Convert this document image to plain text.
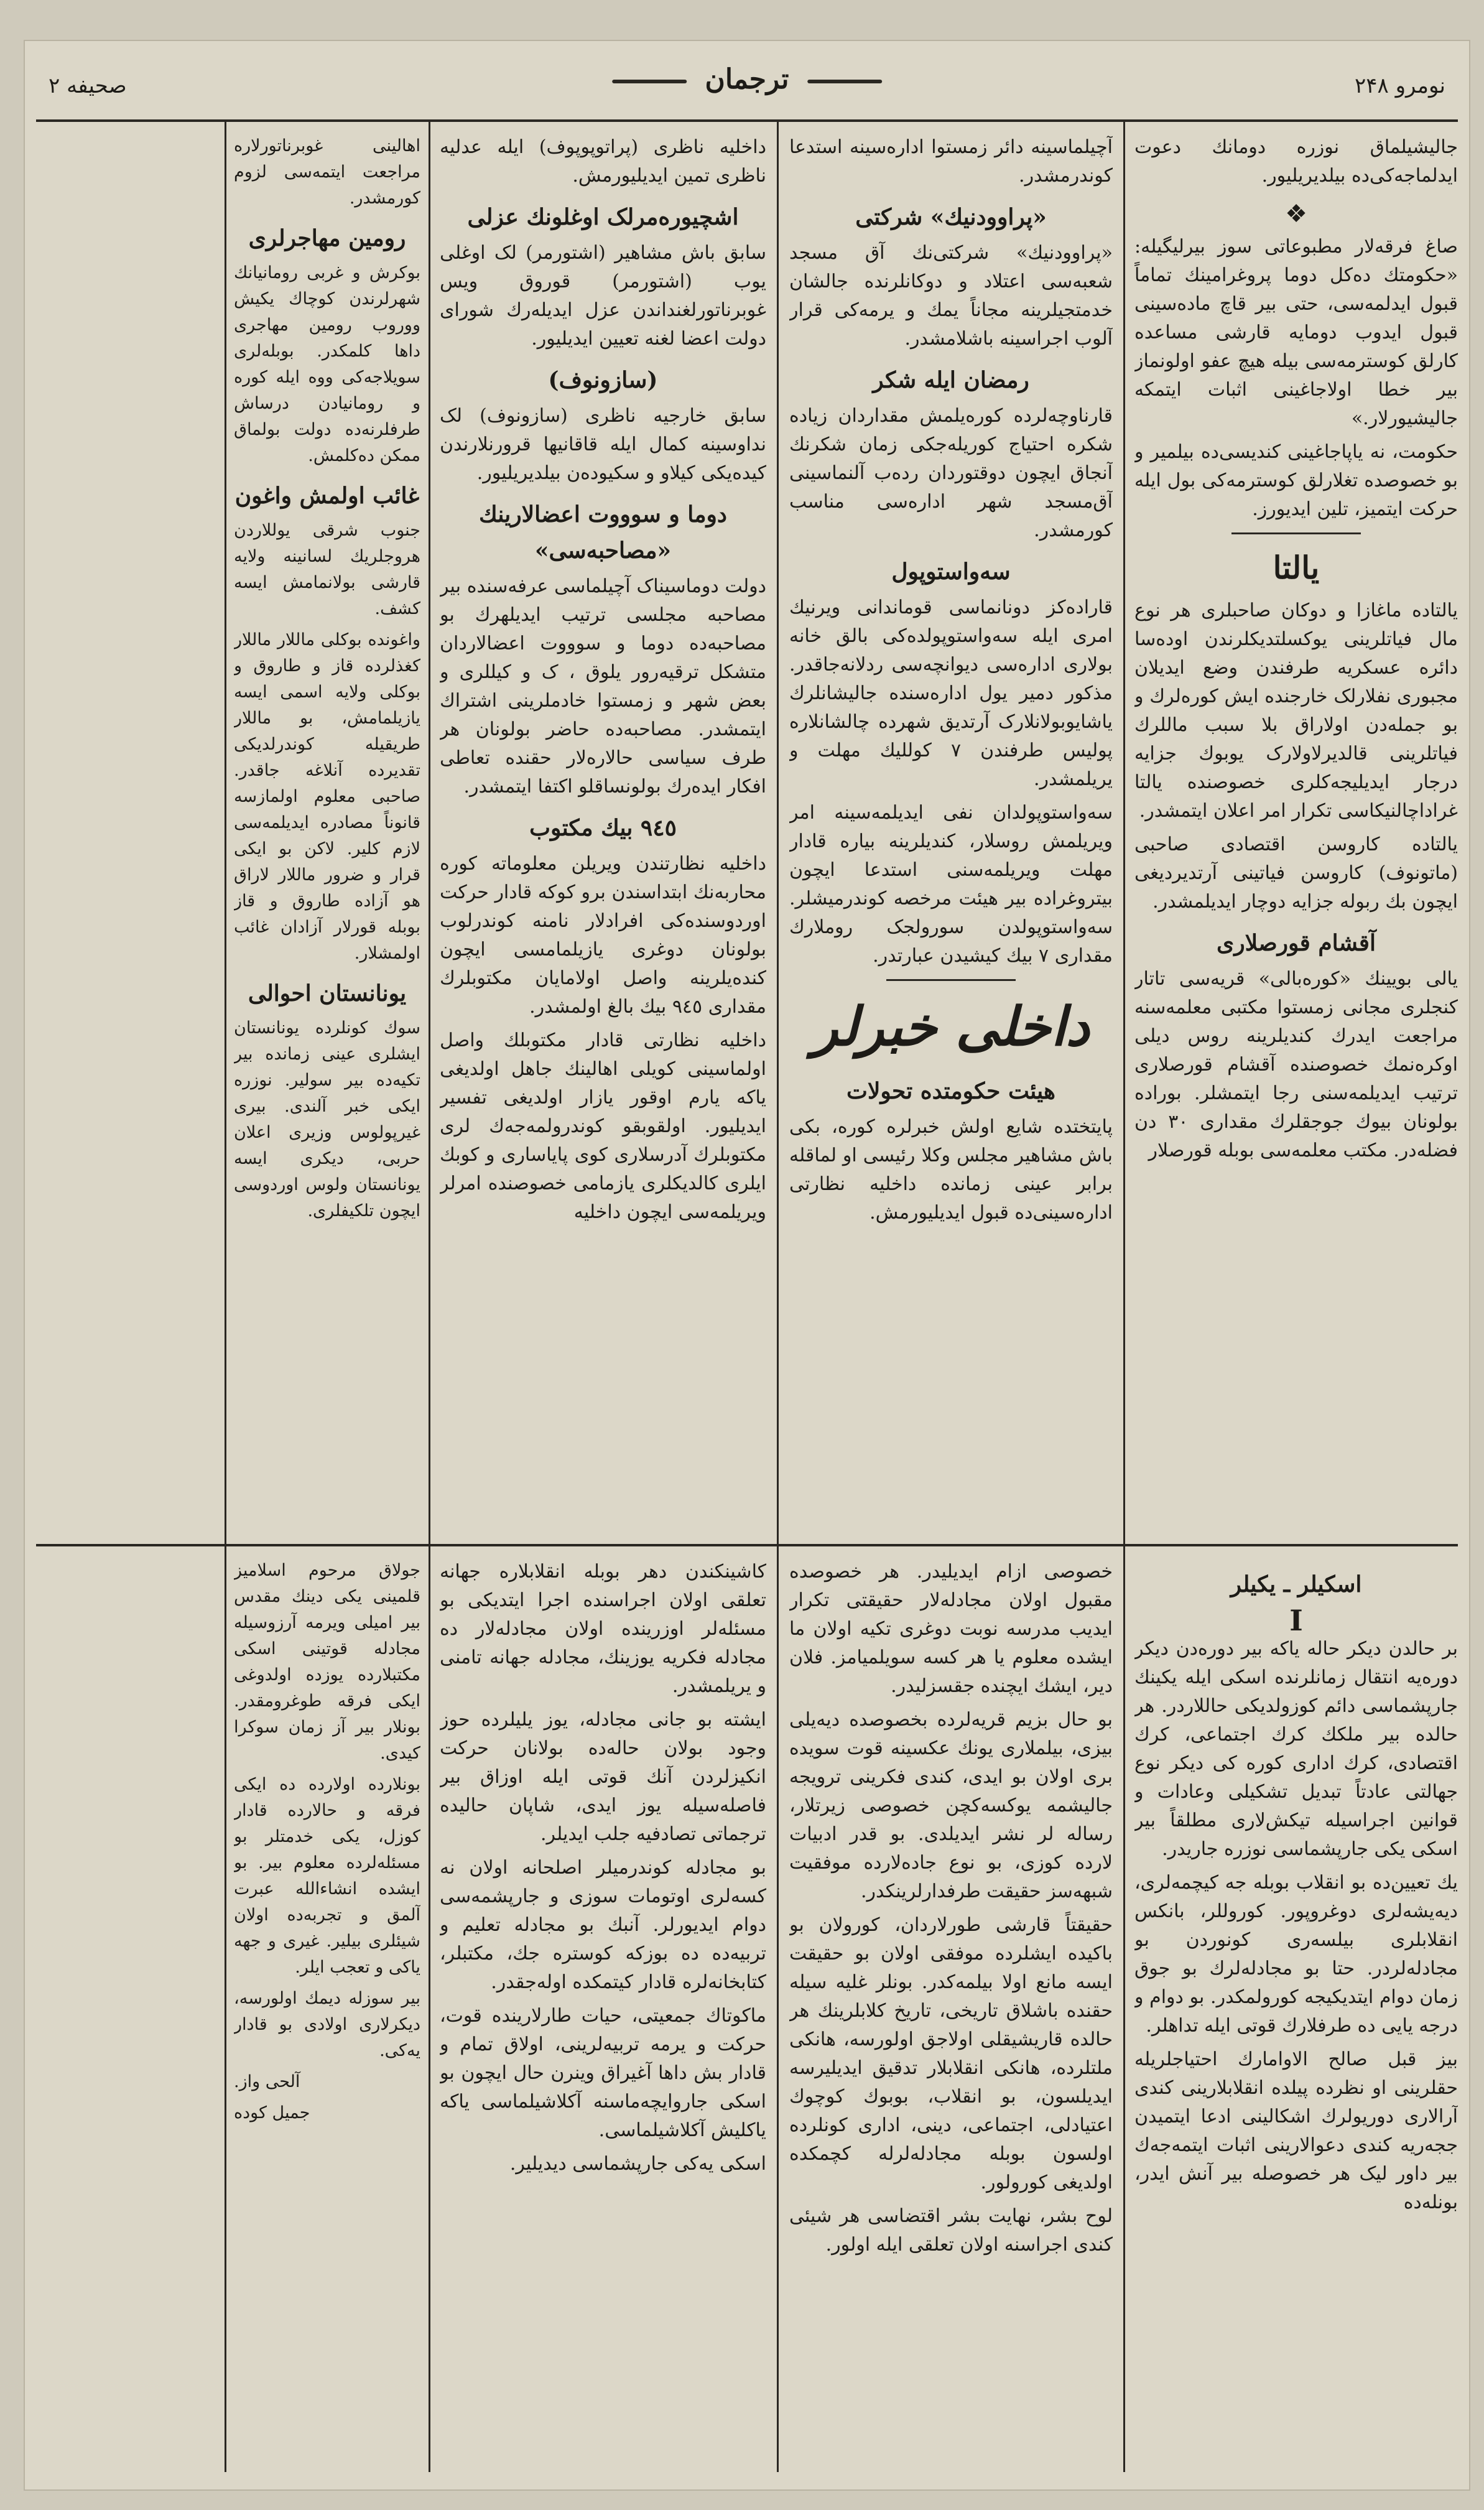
نومرو ۲۴۸
ترجمان
صحیفه ۲

جالیشیلماق نوزره دومانك دعوت ایدلماجه‌کی‌ده بیلدیریلیور.

❖

صاغ فرقه‌لار مطبوعاتی سوز بیرلیگیله: «حکومتك ده‌کل دوما پروغرامینك تماماً قبول ایدلمه‌سی، حتی بیر قاچ ماده‌سینی قبول ایدوب دومایه قارشی مساعده کارلق کوسترمه‌سی بیله هیچ عفو اولونماز بیر خطا اولاجاغینی اثبات ایتمکه جالیشیورلار.»

حکومت، نه یاپاجاغینی کندیسی‌ده بیلمیر و بو خصوصده تغلارلق کوسترمه‌کی بول ایله حرکت ایتمیز، تلین ایدیورز.

یالتا

یالتاده ماغازا و دوکان صاحبلری هر نوع مال فیاتلرینی یوکسلتدیکلرندن اوده‌سا دائره عسکریه طرفندن وضع ایدیلان مجبوری نفلارلک خارجنده ایش کوره‌لرك و بو جمله‌دن اولاراق بلا سبب ماللرك فیاتلرینی قالدیرلاولارک یوبوك جزایه درجار ایدیلیجه‌کلری خصوصنده یالتا غراداچالنیکاسی تکرار امر اعلان ایتمشدر.

یالتاده کاروسن اقتصادی صاحبی (ماتونوف) کاروسن فیاتینی آرتدیردیغی ایچون بك ربوله جزایه دوچار ایدیلمشدر.

آقشام قورصلاری

یالی بویینك «کوره‌بالی» قریه‌سی تاتار کنجلری مجانی زمستوا مکتبی معلمه‌سنه مراجعت ایدرك کندیلرینه روس دیلی اوکره‌نمك خصوصنده آقشام قورصلاری ترتیب ایدیلمه‌سنی رجا ایتمشلر. بوراده بولونان بیوك جوجقلرك مقداری ۳۰ دن فضله‌در. مکتب معلمه‌سی بوبله قورصلار

آچیلماسینه دائر زمستوا اداره‌سینه استدعا کوندرمشدر.

«پراوودنیك» شرکتی

«پراوودنیك» شرکتی‌نك آق مسجد شعبه‌سی اعتلاد و دوکانلرنده جالشان خدمتجیلرینه مجاناً یمك و یرمه‌کی قرار آلوب اجراسینه باشلامشدر.

رمضان ایله شکر

قارناوچه‌لرده کوره‌یلمش مقداردان زیاده شکره احتیاج کوریله‌جکی زمان شکرنك آنجاق ایچون دوقتوردان رده‌ب آلنماسینی آق‌مسجد شهر اداره‌سی مناسب کورمشدر.

سه‌واستوپول

قاراده‌کز دونانماسی قوماندانی ویرنیك امری ایله سه‌واستوپولده‌کی بالق خانه بولاری اداره‌سی دیوانچه‌سی ردلانه‌جاقدر. مذکور دمیر یول اداره‌سنده جالیشانلرك یاشایوبولانلارک آرتدیق شهرده چالشانلاره پولیس طرفندن ۷ کوللیك مهلت و یریلمشدر.

سه‌واستوپولدان نفی ایدیلمه‌سینه امر ویریلمش روسلار، کندیلرینه بیاره قادار مهلت ویریلمه‌سنی استدعا ایچون بیتروغراده بیر هیئت مرخصه کوندرمیشلر. سه‌واستوپولدن سورولجک روملارك مقداری ۷ بیك کیشیدن عبارتدر.

داخلی خبرلر
هیئت حکومتده تحولات

پایتختده شایع اولش خبرلره کوره، بکی باش مشاهیر مجلس وکلا رئیسی او لماقله برابر عینی زمانده داخلیه نظارتی اداره‌سینی‌ده قبول ایدیلیورمش.

داخلیه ناظری (پراتوپوپوف) ایله عدلیه ناظری تمین ایدیلیورمش.

اشچیوره‌مرلک اوغلونك عزلی

سابق باش مشاهیر (اشتورمر) لک اوغلی یوب (اشتورمر) قوروق ویس غوبرناتورلغنداندن عزل ایدیله‌رك شورای دولت اعضا لغنه تعیین ایدیلیور.

(سازونوف)

سابق خارجیه ناظری (سازونوف) لک نداوسینه کمال ایله قاقانیها قرورنلارندن کیده‌یکی کیلاو و سکیوده‌ن بیلدیریلیور.

دوما و سوووت اعضالارینك «مصاحبه‌سی»

دولت دوماسیناک آچیلماسی عرفه‌سنده بیر مصاحبه مجلسی ترتیب ایدیلهرك بو مصاحبه‌ده دوما و سوووت اعضالاردان متشکل ترقیه‌رور یلوق ، ک و کیللری و بعض شهر و زمستوا خادملرینی اشتراك ایتمشدر. مصاحبه‌ده حاضر بولونان هر طرف سیاسی حالاره‌لار حقنده تعاطی افکار ایده‌رك بولونساقلو اکتفا ایتمشدر.

۹٤٥ بیك مکتوب

داخلیه نظارتندن ویریلن معلوماته کوره محاربه‌نك ابتداسندن برو کوکه قادار حرکت اوردوسنده‌کی افرادلار نامنه کوندرلوب بولونان دوغری یازیلمامسی ایچون کنده‌یلرینه واصل اولامایان مکتوبلرك مقداری ۹٤٥ بیك بالغ اولمشدر.

داخلیه نظارتی قادار مکتوبلك واصل اولماسینی کویلی اهالینك جاهل اولدیغی یاکه یارم اوقور یازار اولدیغی تفسیر ایدیلیور. اولقوبقو کوندرولمه‌جه‌ك لری مکتوبلرك آدرسلاری کوی پایاساری و کوبك ایلری کالدیکلری یازمامی خصوصنده امرلر ویریلمه‌سی ایچون داخلیه

اهالینی غوبرناتورلاره مراجعت ایتمه‌سی لزوم کورمشدر.

رومین مهاجرلری

بوکرش و غربی رومانیانك شهرلرندن کوچاك یکیش ووروب رومین مهاجری داها کلمکدر. بوبله‌لری سویلاجه‌کی ووه ایله کوره و رومانیادن درساش طرفلرنه‌ده دولت بولماق ممکن ده‌کلمش.

غائب اولمش واغون

جنوب شرقی یوللاردن هروجلریك لسانینه ولایه قارشی بولانمامش ایسه کشف.

واغونده بوکلی ماللار ماللار کغذلرده قاز و طاروق و بوکلی ولایه اسمی ایسه یازیلمامش، بو ماللار طریقیله کوندرلدیکی تقدیرده آنلاغه جاقدر. صاحبی معلوم اولمازسه قانوناً مصادره ایدیلمه‌سی لازم کلیر. لاکن بو ایکی قرار و ضرور ماللار لاراق هو آزاده طاروق و قاز بوبله قورلار آزادان غائب اولمشلار.

یونانستان احوالی

سوك کونلرده یونانستان ایشلری عینی زمانده بیر تکیه‌ده بیر سولیر. نوزره ایکی خبر آلندی. بیری غیرپولوس وزیری اعلان حربی، دیکری ایسه یونانستان ولوس اوردوسی ایچون تلکیفلری.

اسکیلر ـ یکیلر
I

بر حالدن دیکر حاله یاکه بیر دوره‌دن دیکر دوره‌یه انتقال زمانلرنده اسکی ایله یکینك جارپشماسی دائم کوزولدیکی حاللاردر. هر حالده بیر ملکك کرك اجتماعی، کرك اقتصادی، کرك اداری کوره کی دیکر نوع جهالتی عادتاً تبدیل تشکیلی وعادات و قوانین اجراسیله تیکش‌لاری مطلقاً بیر اسکی یکی جارپشماسی نوزره جاریدر.

یك تعیین‌ده بو انقلاب بوبله جه کیچمه‌لری، دیه‌یشه‌لری دوغروپور. کوروللر، بانکس انقلابلری بیلسه‌ری کونوردن بو مجادله‌لردر. حتا بو مجادله‌لرك بو جوق زمان دوام ایتدیکیجه کورولمکدر. بو دوام و درجه یایی ده طرفلارك قوتی ایله تداهلر.

بیز قبل صالح الاوامارك احتیاجلریله حقلرینی او نظرده پیلده انقلابلارینی کندی آرالاری دوریولرك اشکالینی ادعا ایتمیدن ججه‌ریه کندی دعوالارینی اثبات ایتمه‌جه‌ك بیر داور لیک هر خصوصله بیر آنش ایدر، بونله‌ده

خصوصی ازام ایدیلیدر. هر خصوصده مقبول اولان مجادله‌لار حقیقتی تکرار ایدیب مدرسه نوبت دوغری تكیه اولان ما ایشده معلوم یا هر کسه سویلمیامز. فلان دیر، ایشك ایچنده جقسزلیدر.

بو حال بزیم قریه‌لرده بخصوصده دیه‌یلی بیزی، بیلملاری یونك عکسینه قوت سویده بری اولان بو ایدی، کندی فکرینی ترویجه جالیشمه یوکسه‌کچن خصوصی زیرتلار، رساله لر نشر ایدیلدی. بو قدر ادبیات لارده کوزی، بو نوع جاده‌لارده موفقیت شبهه‌سز حقیقت طرفدارلرینکدر.

حقیقتاً قارشی طورلاردان، کورولان بو باکیده ایشلرده موفقی اولان بو حقیقت ایسه مانع اولا بیلمه‌کدر. بونلر غلیه سیله حقنده باشلاق تاریخی، تاریخ کلابلرینك هر حالده قاریشیقلی اولاجق اولورسه، هانکی ملتلرده، هانکی انقلابلار تدقیق ایدیلیرسه ایدیلسون، بو انقلاب، بوبوك کوچوك اعتیادلی، اجتماعی، دینی، اداری کونلرده اولسون بوبله مجادله‌لرله کچمکده اولدیغی کورولور.

لوح بشر، نهایت بشر اقتضاسی هر شیئی کندی اجراسنه اولان تعلقی ایله اولور.

کاشینکندن دهر بوبله انقلابلاره جهانه تعلقی اولان اجراسنده اجرا ایتدیکی بو مسئله‌لر اوزرینده اولان مجادله‌لار ده مجادله فکریه یوزینك، مجادله جهانه تامنی و یریلمشدر.

ایشته بو جانی مجادله، یوز یلیلرده حوز وجود بولان حاله‌ده بولانان حرکت انکیزلردن آنك قوتی ایله اوزاق بیر فاصله‌سیله یوز ایدی، شاپان حالیده ترجماتی تصادفیه جلب ایدیلر.

بو مجادله کوندرمیلر اصلحانه اولان نه کسه‌لری اوتومات سوزی و جارپشمه‌سی دوام ایدیورلر. آنبك بو مجادله تعلیم و تربیه‌ده ده بوزکه کوستره جك، مکتبلر، کتابخانه‌لره قادار کیتمکده اوله‌جقدر.

ماکوتاك جمعیتی، حیات طارلارینده قوت، حرکت و یرمه تربیه‌لرینی، اولاق تمام و قادار بش داها آغیراق وینرن حال ایچون بو اسکی جاروایچه‌ماسنه آکلاشیلماسی یاکه یاکلیش آکلاشیلماسی.

اسکی یه‌کی جارپشماسی دیدیلیر.

جولاق مرحوم اسلامیز قلمینی یکی دینك مقدس بیر امیلی ویرمه آرزوسیله مجادله قوتینی اسکی مکتبلارده یوزده اولدوغی ایکی فرقه طوغرومقدر. بونلار بیر آز زمان سوکرا کیدی.

بونلارده اولارده ده ایکی فرقه و حالارده قادار کوزل، یکی خدمتلر بو مسئله‌لرده معلوم بیر. بو ایشده انشاءالله عبرت آلمق و تجربه‌ده اولان شیئلری بیلیر. غیری و جهه یاکی و تعجب ایلر.

بیر سوزله دیمك اولورسه، دیکرلاری اولادی بو قادار یه‌کی.

آلحی واز.

جمیل کوده‌
